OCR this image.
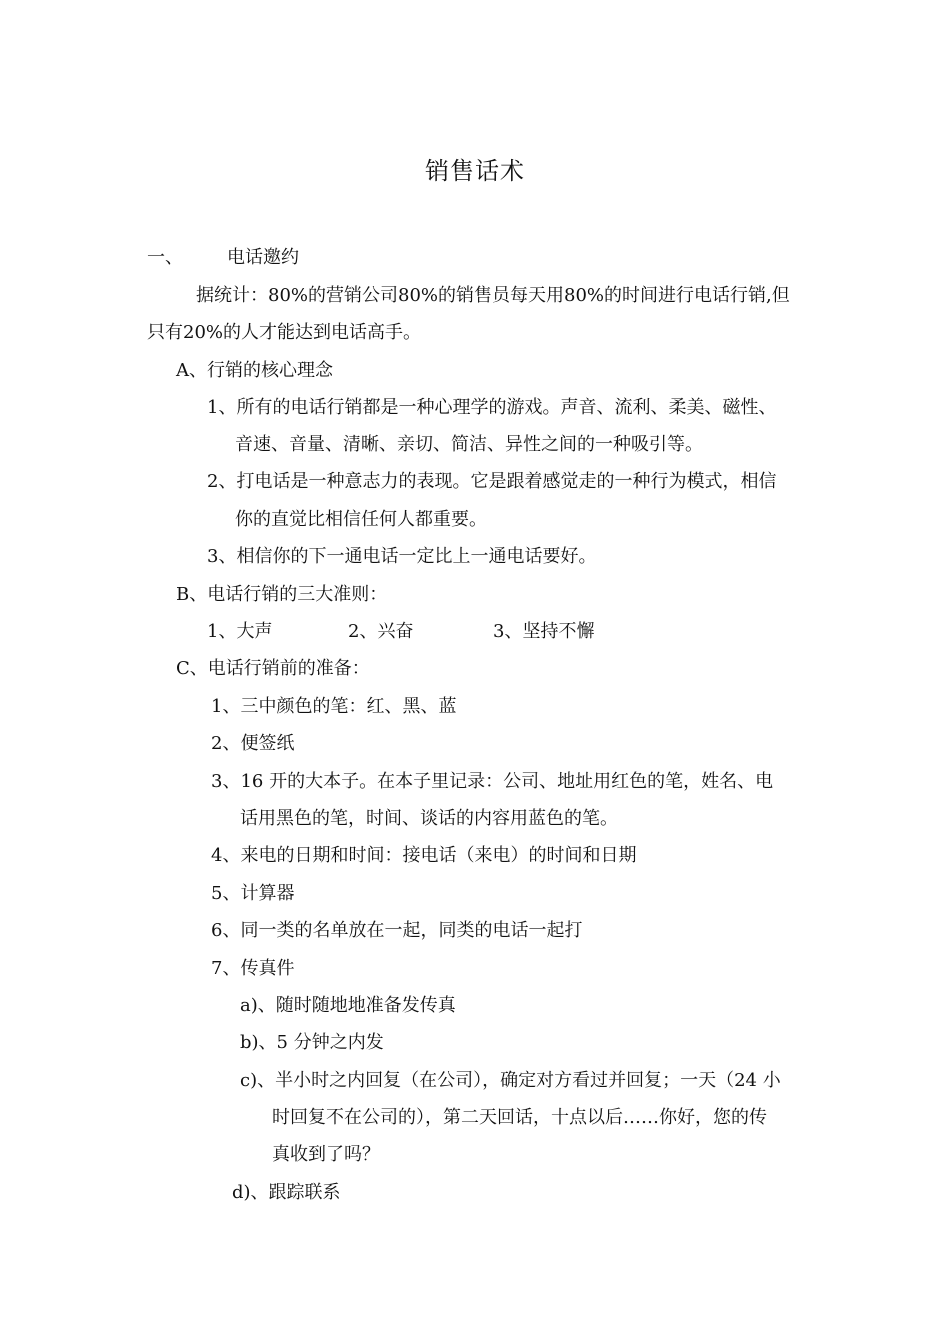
销售话术
一、 电话邀约
据统计：80%的营销公司80%的销售员每天用80%的时间进行电话行销,但
只有20%的人才能达到电话高手。
A、行销的核心理念
1、所有的电话行销都是一种心理学的游戏。声音、流利、柔美、磁性、
音速、音量、清晰、亲切、简洁、异性之间的一种吸引等。
2、打电话是一种意志力的表现。它是跟着感觉走的一种行为模式，相信
你的直觉比相信任何人都重要。
3、相信你的下一通电话一定比上一通电话要好。
B、电话行销的三大准则：
1、大声	2、兴奋	3、坚持不懈
C、电话行销前的准备：
1、三中颜色的笔：红、黑、蓝
2、便签纸
3、16 开的大本子。在本子里记录：公司、地址用红色的笔，姓名、电
话用黑色的笔，时间、谈话的内容用蓝色的笔。
4、来电的日期和时间：接电话（来电）的时间和日期
5、计算器
6、同一类的名单放在一起，同类的电话一起打
7、传真件
a)、随时随地地准备发传真
b)、5 分钟之内发
c)、半小时之内回复（在公司），确定对方看过并回复；一天（24 小
时回复不在公司的），第二天回话，十点以后……你好，您的传
真收到了吗？
d)、跟踪联系
